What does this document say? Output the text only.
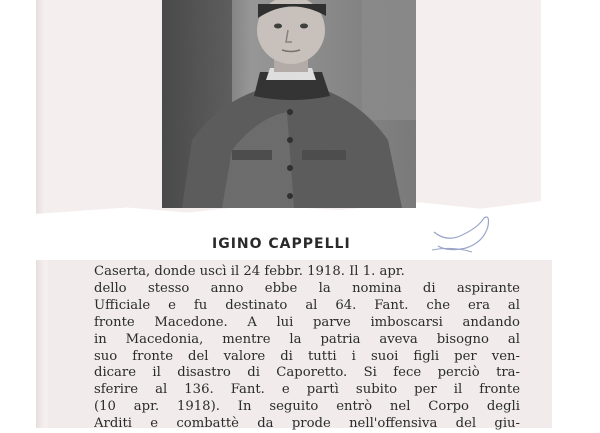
IGINO CAPPELLI
Caserta, donde uscì il 24 febbr. 1918. Il 1. apr.
dello stesso anno ebbe la nomina di aspirante
Ufficiale e fu destinato al 64. Fant. che era al
fronte Macedone. A lui parve imboscarsi andando
in Macedonia, mentre la patria aveva bisogno al
suo fronte del valore di tutti i suoi figli per ven-
dicare il disastro di Caporetto. Si fece perciò tra-
sferire al 136. Fant. e partì subito per il fronte
(10 apr. 1918). In seguito entrò nel Corpo degli
Arditi e combattè da prode nell'offensiva del giu-
